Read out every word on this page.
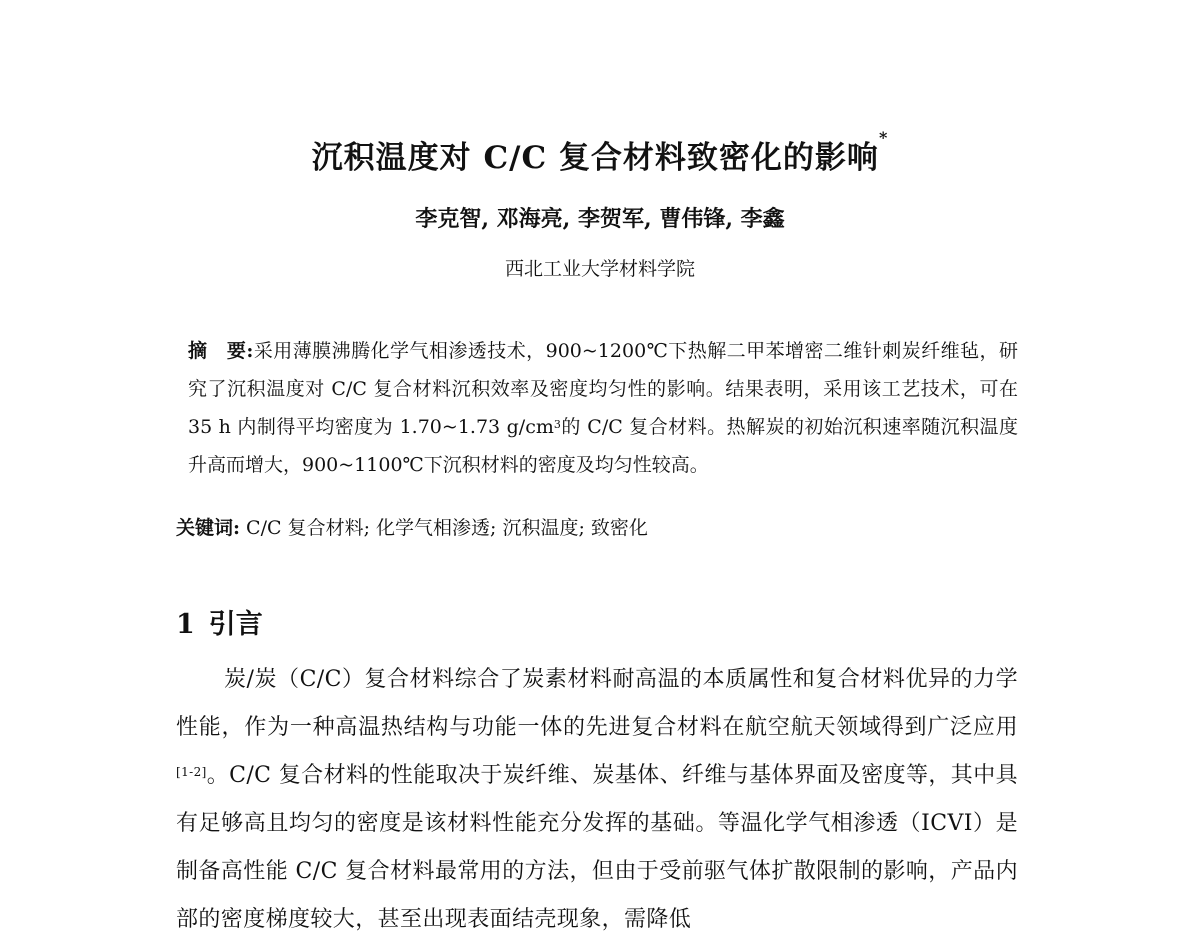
沉积温度对 C/C 复合材料致密化的影响*
李克智, 邓海亮, 李贺军, 曹伟锋, 李鑫
西北工业大学材料学院
摘　要:采用薄膜沸腾化学气相渗透技术，900~1200℃下热解二甲苯增密二维针刺炭纤维毡，研究了沉积温度对 C/C 复合材料沉积效率及密度均匀性的影响。结果表明，采用该工艺技术，可在 35 h 内制得平均密度为 1.70~1.73 $g/cm^3$的 C/C 复合材料。热解炭的初始沉积速率随沉积温度升高而增大，900~1100℃下沉积材料的密度及均匀性较高。
关键词: C/C 复合材料; 化学气相渗透; 沉积温度; 致密化
1 引言
炭/炭（C/C）复合材料综合了炭素材料耐高温的本质属性和复合材料优异的力学性能，作为一种高温热结构与功能一体的先进复合材料在航空航天领域得到广泛应用[1-2]。C/C 复合材料的性能取决于炭纤维、炭基体、纤维与基体界面及密度等，其中具有足够高且均匀的密度是该材料性能充分发挥的基础。等温化学气相渗透（ICVI）是制备高性能 C/C 复合材料最常用的方法，但由于受前驱气体扩散限制的影响，产品内部的密度梯度较大，甚至出现表面结壳现象，需降低
